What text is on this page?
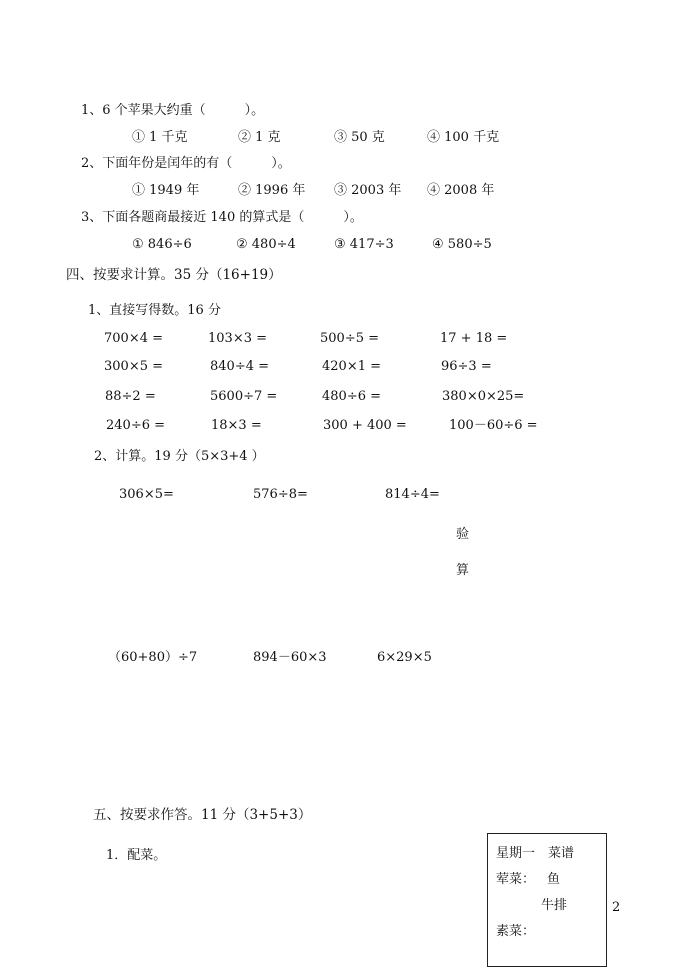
1、6 个苹果大约重（　　　）。
① 1 千克	② 1 克	③ 50 克	④ 100 千克
2、下面年份是闰年的有（　　　）。
① 1949 年	② 1996 年 ③ 2003 年 ④ 2008 年
3、下面各题商最接近 140 的算式是（　　　）。
① 846÷6	② 480÷4	③ 417÷3	④ 580÷5
四、按要求计算。35 分（16+19）
1、直接写得数。16 分
700×4 =	103×3 =	500÷5 =	17 + 18 =
300×5 =	840÷4 =	420×1 =	96÷3 =
88÷2 =	5600÷7 =	480÷6 =	380×0×25=
240÷6 =	18×3 =	300 + 400 =	100－60÷6 =
2、计算。19 分（5×3+4 ）
306×5=	576÷8=	814÷4=
验
算
（60+80）÷7	894－60×3	6×29×5
五、按要求作答。11 分（3+5+3）
1．配菜。	星期一　菜谱
荤菜： 鱼
牛排
素菜：
2
